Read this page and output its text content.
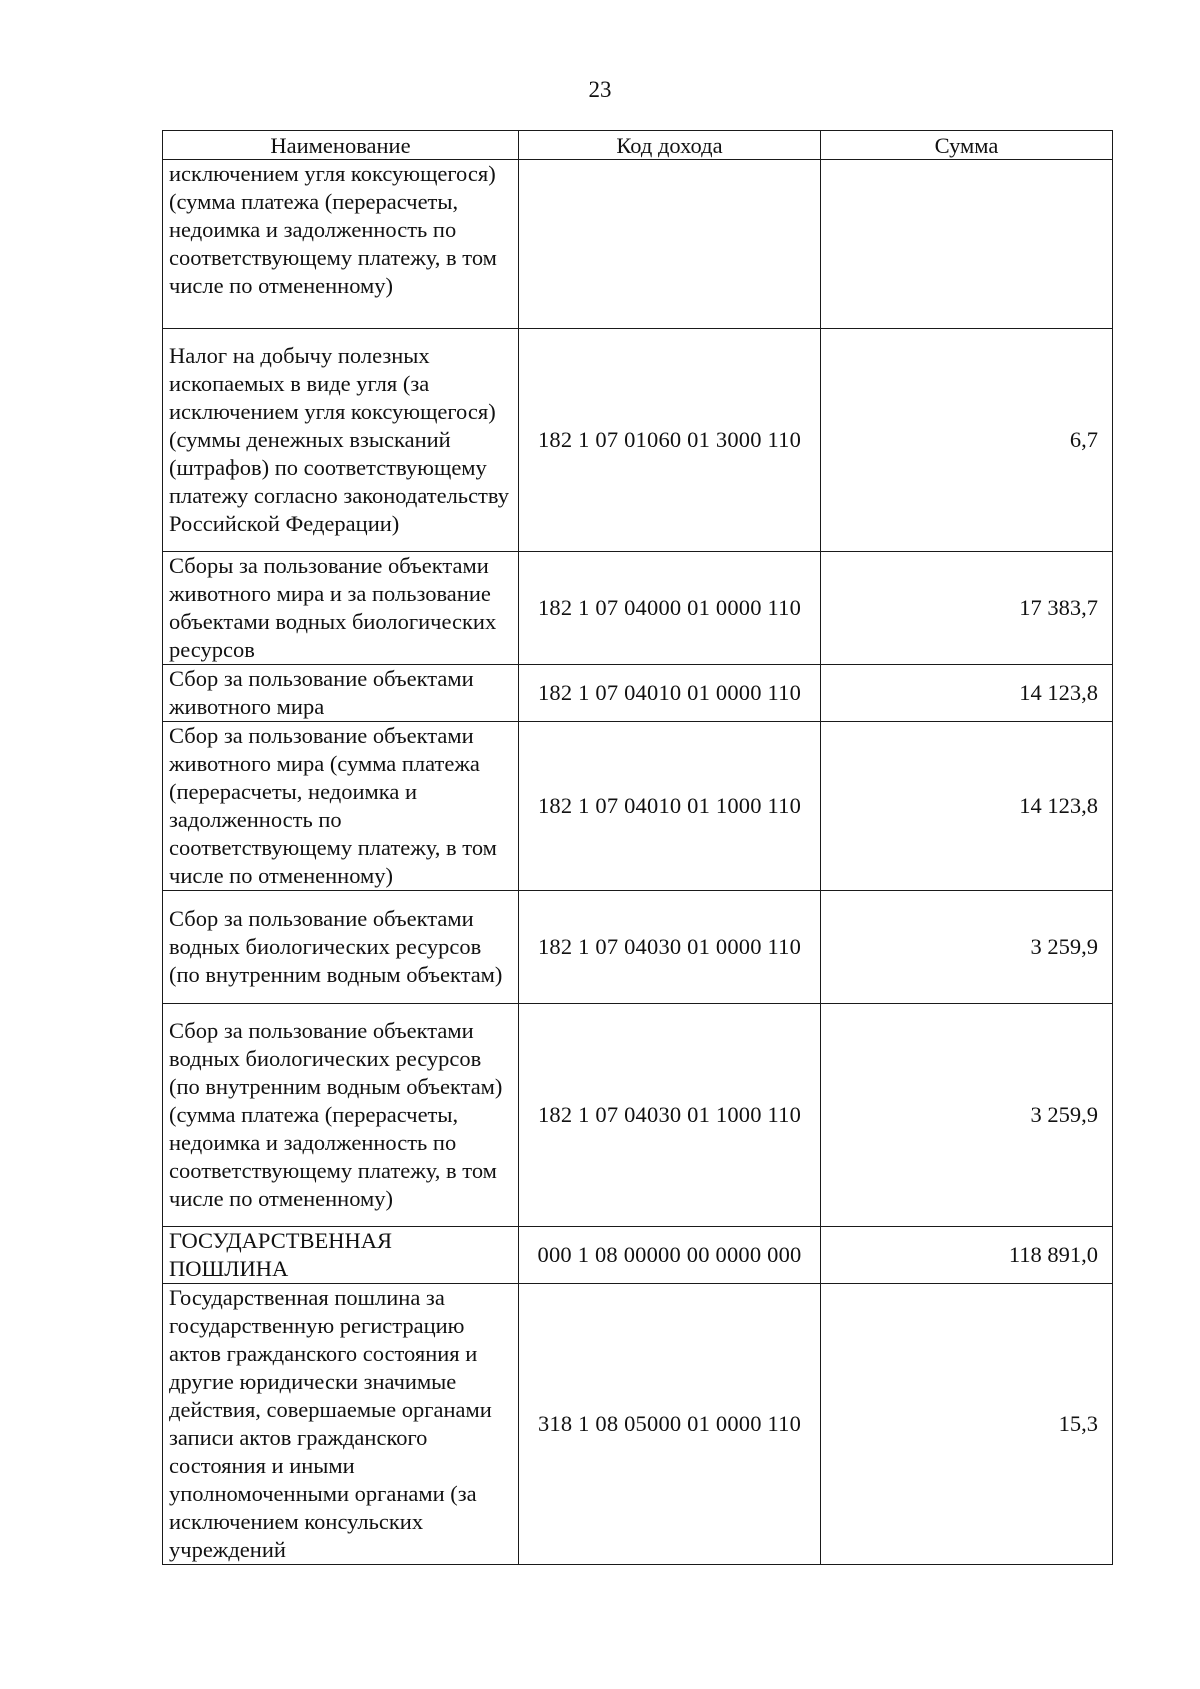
23
Наименование	Код дохода	Сумма
исключением угля коксующегося) (сумма платежа (перерасчеты, недоимка и задолженность по соответствующему платежу, в том числе по отмененному)		
Налог на добычу полезных ископаемых в виде угля (за исключением угля коксующегося) (суммы денежных взысканий (штрафов) по соответствующему платежу согласно законодательству Российской Федерации)	182 1 07 01060 01 3000 110	6,7
Сборы за пользование объектами животного мира и за пользование объектами водных биологических ресурсов	182 1 07 04000 01 0000 110	17 383,7
Сбор за пользование объектами животного мира	182 1 07 04010 01 0000 110	14 123,8
Сбор за пользование объектами животного мира (сумма платежа (перерасчеты, недоимка и задолженность по соответствующему платежу, в том числе по отмененному)	182 1 07 04010 01 1000 110	14 123,8
Сбор за пользование объектами водных биологических ресурсов (по внутренним водным объектам)	182 1 07 04030 01 0000 110	3 259,9
Сбор за пользование объектами водных биологических ресурсов (по внутренним водным объектам) (сумма платежа (перерасчеты, недоимка и задолженность по соответствующему платежу, в том числе по отмененному)	182 1 07 04030 01 1000 110	3 259,9
ГОСУДАРСТВЕННАЯ ПОШЛИНА	000 1 08 00000 00 0000 000	118 891,0
Государственная пошлина за государственную регистрацию актов гражданского состояния и другие юридически значимые действия, совершаемые органами записи актов гражданского состояния и иными уполномоченными органами (за исключением консульских учреждений	318 1 08 05000 01 0000 110	15,3
